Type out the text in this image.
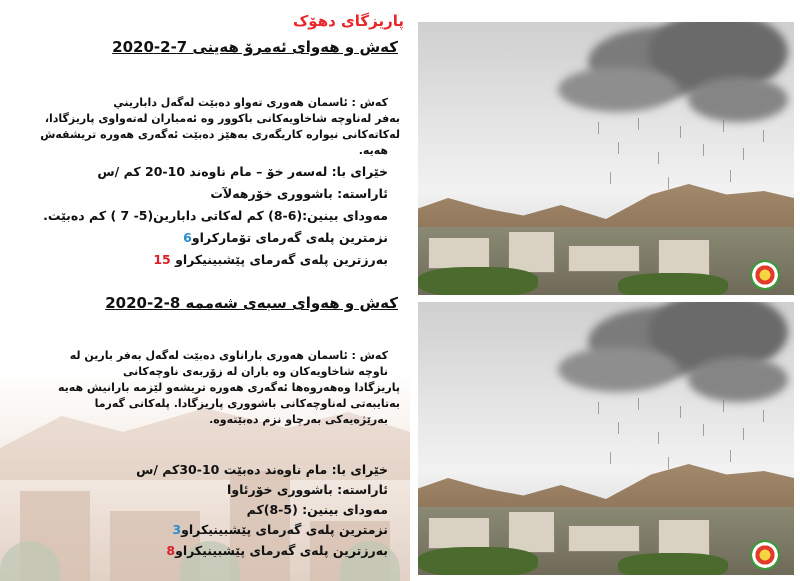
پاریزگای دهۆک
کەش و هەوای ئەمرۆ هەینی 7-2-2020
کەش : ئاسمان هەوری تەواو دەبێت لەگەل داباریني
بەفر لەناوچە شاخاویەکانی باکوور وە ئەمباران لەتەواوی پاریزگادا،
لەکاتەکانی نیوارە کاریگەری بەهێز دەبێت ئەگەری هەورە تریشقەش
هەیە.
خێرای با: لەسەر خۆ – مام ناوەند 10-20 کم /س
ئاراستە: باشووری خۆرهەلآت
مەودای بینین:(6-8) کم لەکاتی دابارین(5- 7 ) کم دەبێت.
نزمترین پلەی گەرمای تۆمارکراو6
بەرزترین پلەی گەرمای پێشبینیکراو 15
کەش و هەوای سبەی شەممە 8-2-2020
کەش : ئاسمان هەوری باراناوی دەبێت لەگەل بەفر بارین لە
ناوچە شاخاویەکان وە باران لە زۆربەی ناوچەکانی
پاریزگادا وەهەروەها ئەگەری هەورە تریشەو لێزمە بارانیش هەیە
بەتایبەتی لەناوچەکانی باشووری پاریزگادا. پلەکانی گەرما
بەرێژەیەکی بەرچاو نزم دەبێتەوە.
خێرای با: مام ناوەند دەبێت 10-30کم /س
ئاراستە: باشووری خۆرئاوا
مەودای بینین: (5-8)کم
نزمترین پلەی گەرمای پێشبینیکراو3
بەرزترین پلەی گەرمای پێشبینیکراو8
